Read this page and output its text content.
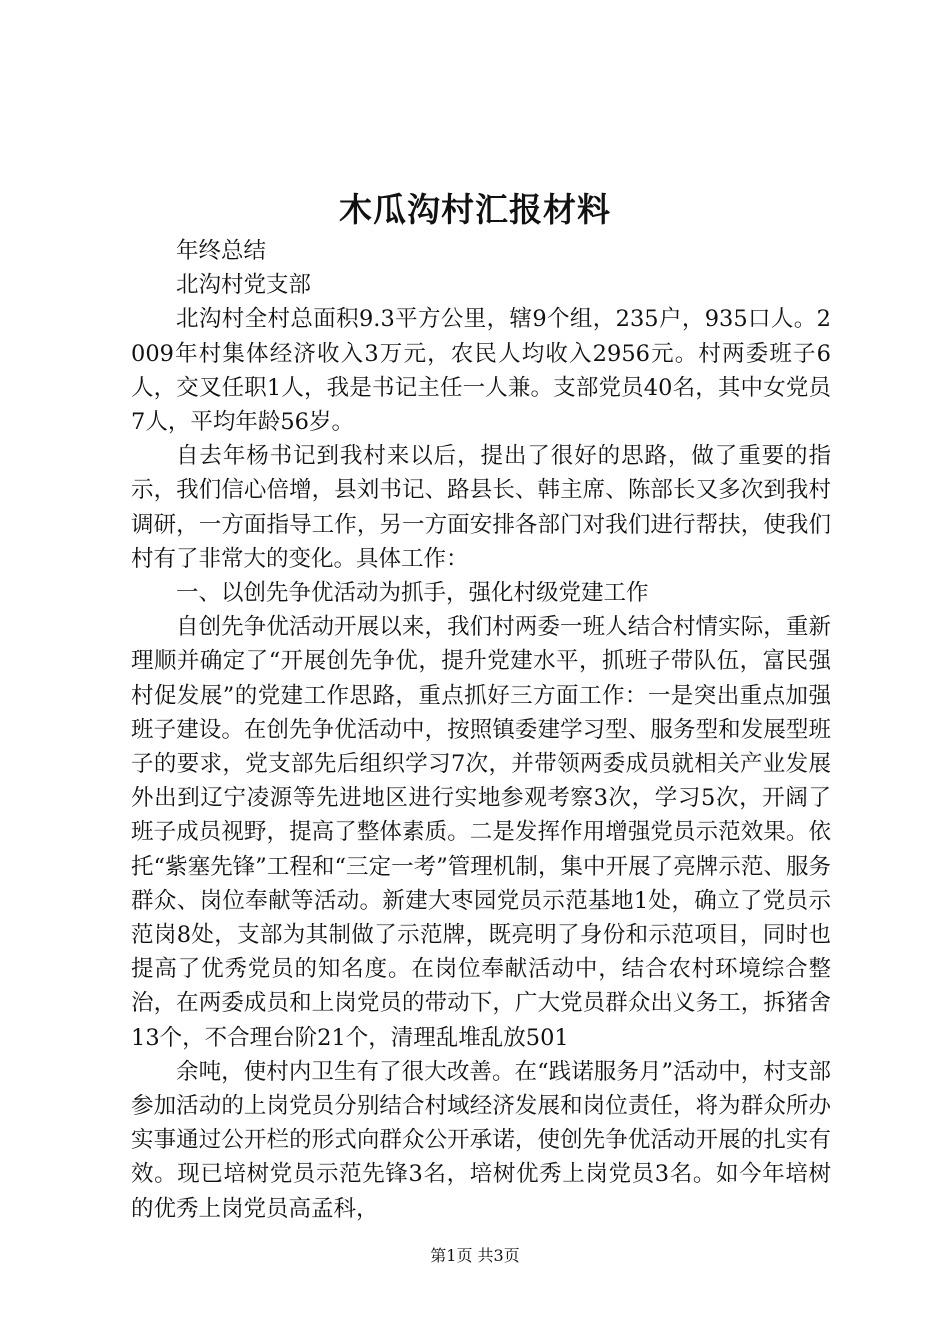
木瓜沟村汇报材料

年终总结

北沟村党支部

北沟村全村总面积9.3平方公里，辖9个组，235户，935口人。2009年村集体经济收入3万元，农民人均收入2956元。村两委班子6人，交叉任职1人，我是书记主任一人兼。支部党员40名，其中女党员7人，平均年龄56岁。

自去年杨书记到我村来以后，提出了很好的思路，做了重要的指示，我们信心倍增，县刘书记、路县长、韩主席、陈部长又多次到我村调研，一方面指导工作，另一方面安排各部门对我们进行帮扶，使我们村有了非常大的变化。具体工作：

一、以创先争优活动为抓手，强化村级党建工作

自创先争优活动开展以来，我们村两委一班人结合村情实际，重新理顺并确定了“开展创先争优，提升党建水平，抓班子带队伍，富民强村促发展”的党建工作思路，重点抓好三方面工作：一是突出重点加强班子建设。在创先争优活动中，按照镇委建学习型、服务型和发展型班子的要求，党支部先后组织学习7次，并带领两委成员就相关产业发展外出到辽宁凌源等先进地区进行实地参观考察3次，学习5次，开阔了班子成员视野，提高了整体素质。二是发挥作用增强党员示范效果。依托“紫塞先锋”工程和“三定一考”管理机制，集中开展了亮牌示范、服务群众、岗位奉献等活动。新建大枣园党员示范基地1处，确立了党员示范岗8处，支部为其制做了示范牌，既亮明了身份和示范项目，同时也提高了优秀党员的知名度。在岗位奉献活动中，结合农村环境综合整治，在两委成员和上岗党员的带动下，广大党员群众出义务工，拆猪舍13个，不合理台阶21个，清理乱堆乱放501

余吨，使村内卫生有了很大改善。在“践诺服务月”活动中，村支部参加活动的上岗党员分别结合村域经济发展和岗位责任，将为群众所办实事通过公开栏的形式向群众公开承诺，使创先争优活动开展的扎实有效。现已培树党员示范先锋3名，培树优秀上岗党员3名。如今年培树的优秀上岗党员高孟科，

第1页 共3页
